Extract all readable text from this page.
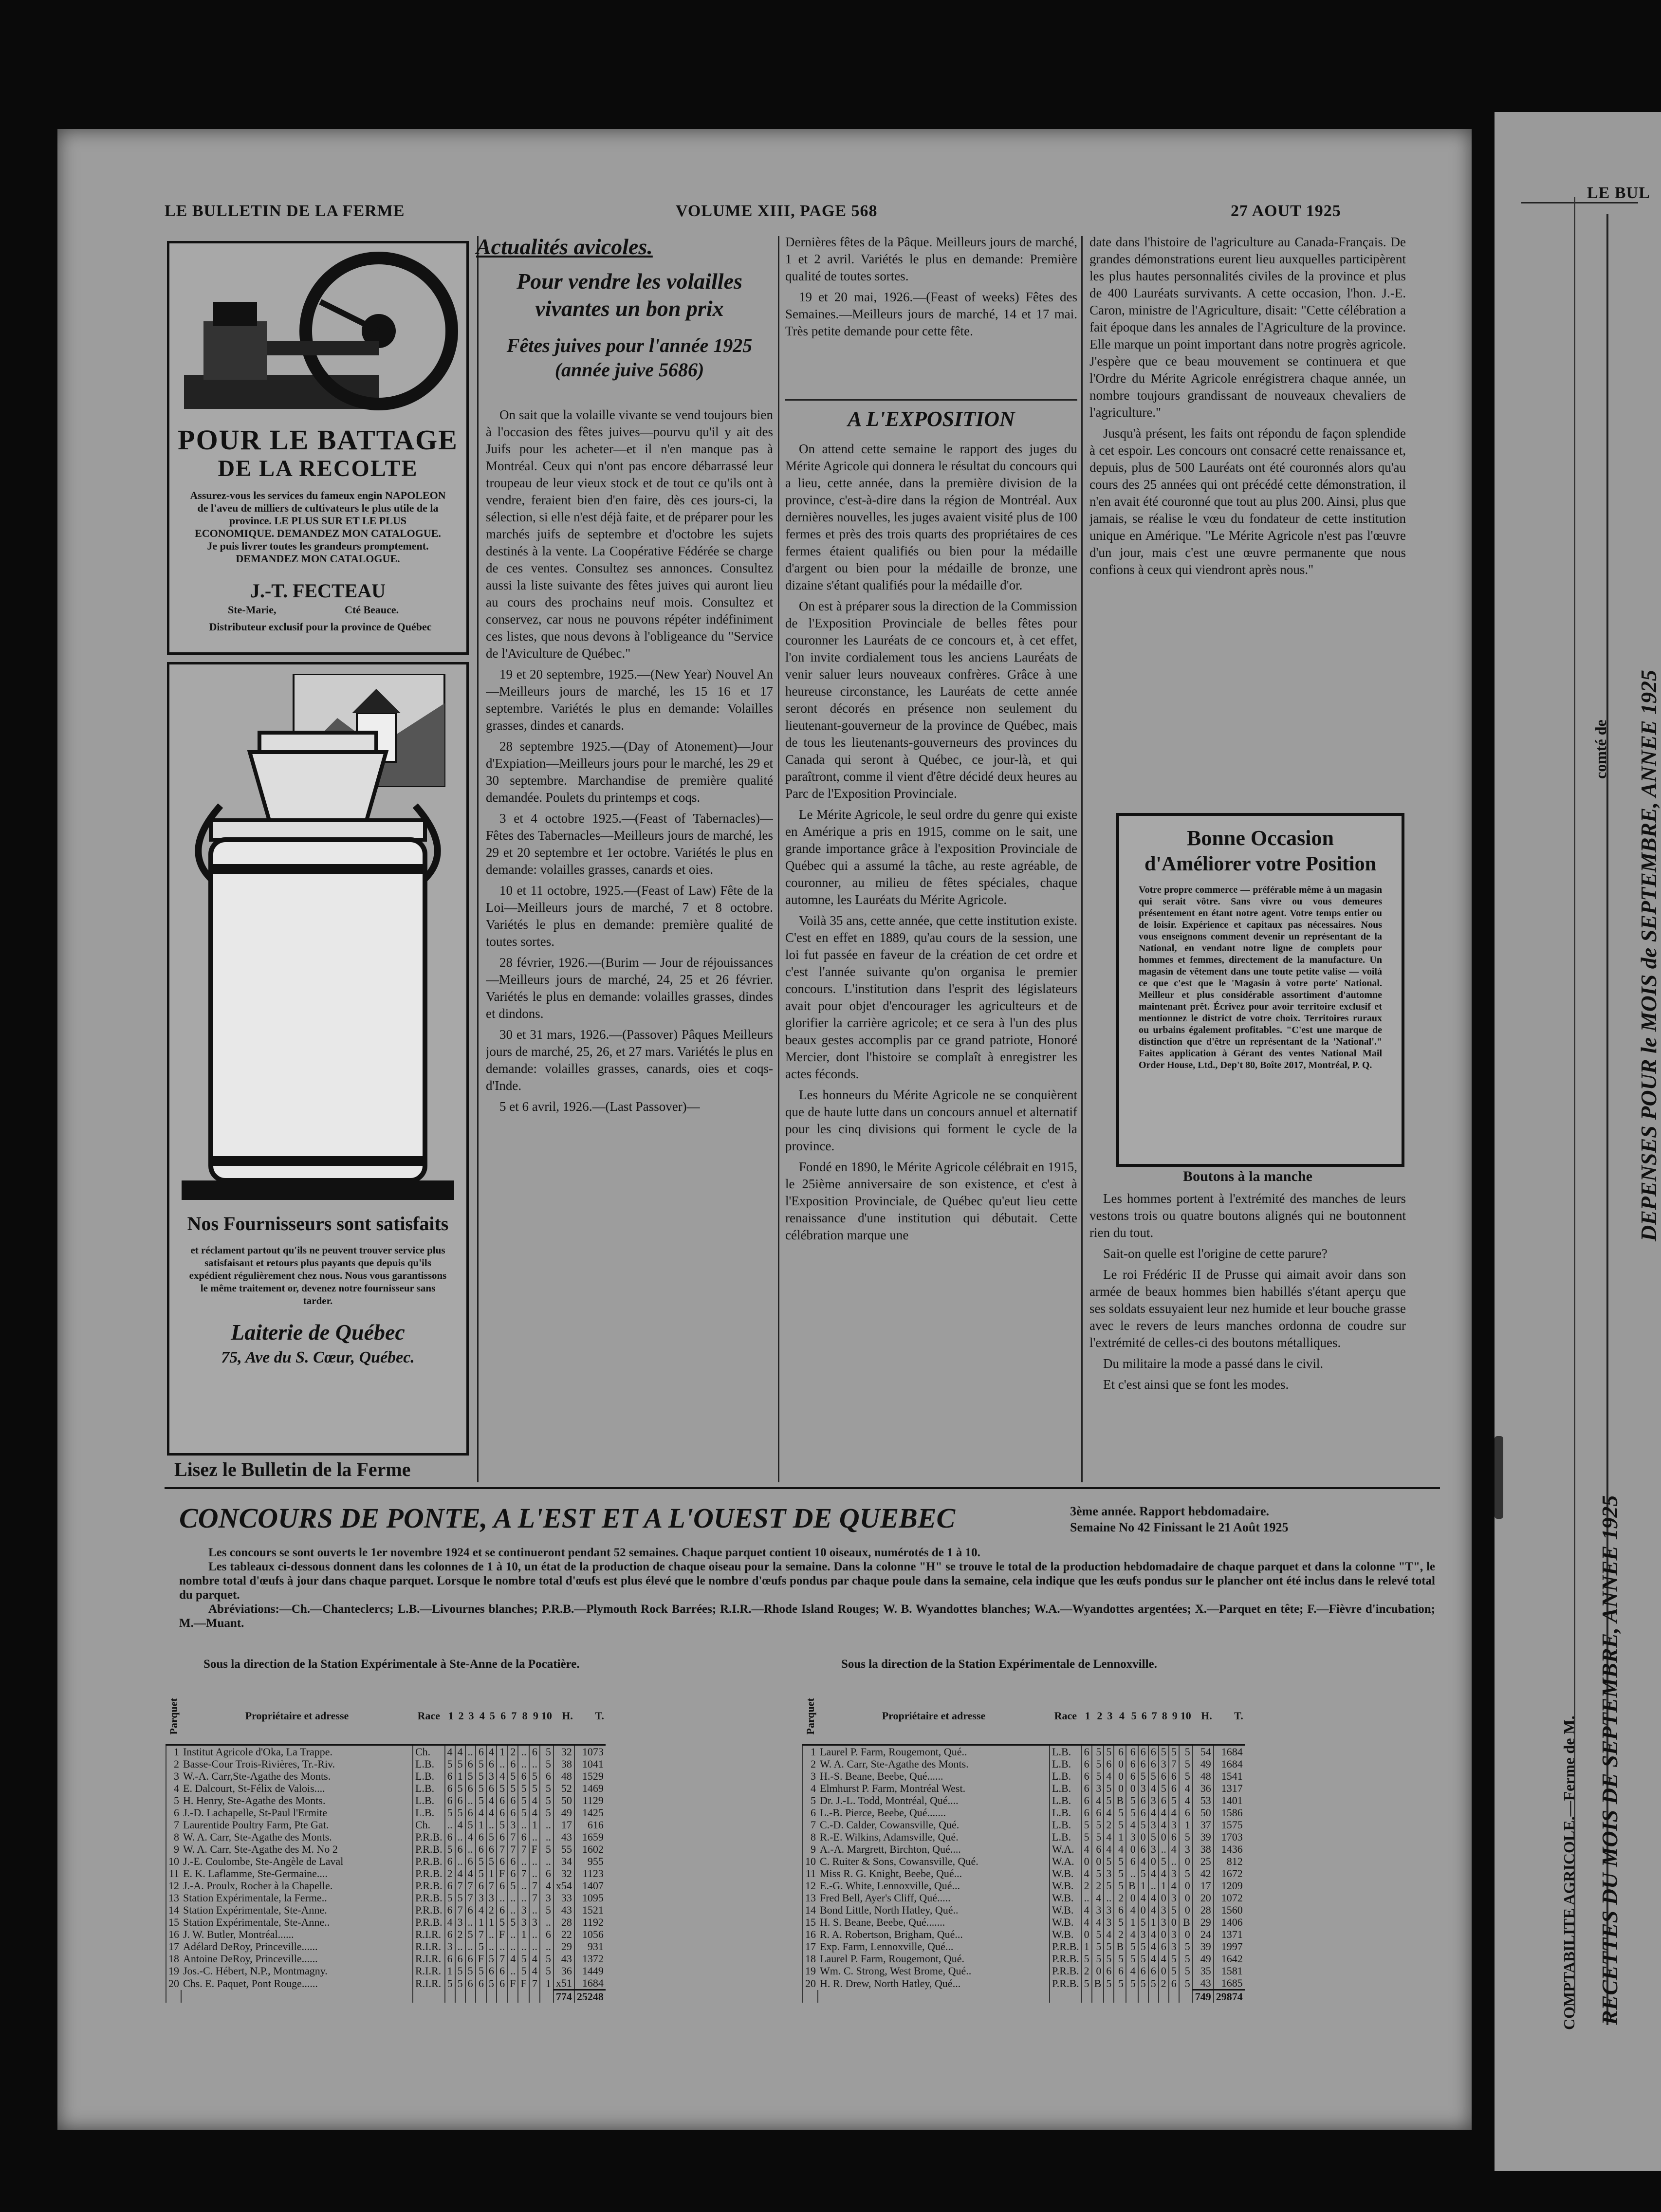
LE BUL
RECETTES DU MOIS DE SEPTEMBRE, ANNEE 1925
DEPENSES POUR le MOIS de SEPTEMBRE, ANNEE 1925
COMPTABILITE AGRICOLE.—Ferme de M.
comté de
LE BULLETIN DE LA FERME	VOLUME XIII, PAGE 568	27 AOUT 1925
POUR LE BATTAGE
DE LA RECOLTE
Assurez-vous les services du fameux engin NAPOLEON de l'aveu de milliers de cultivateurs le plus utile de la province. LE PLUS SUR ET LE PLUS ECONOMIQUE. DEMANDEZ MON CATALOGUE. Je puis livrer toutes les grandeurs promptement. DEMANDEZ MON CATALOGUE.
J.-T. FECTEAU
Ste-Marie,	Cté Beauce.
Distributeur exclusif pour la province de Québec
Nos Fournisseurs sont satisfaits
et réclament partout qu'ils ne peuvent trouver service plus satisfaisant et retours plus payants que depuis qu'ils expédient régulièrement chez nous. Nous vous garantissons le même traitement or, devenez notre fournisseur sans tarder.
Laiterie de Québec
75, Ave du S. Cœur, Québec.
Lisez le Bulletin de la Ferme
Actualités avicoles.
Pour vendre les volailles vivantes un bon prix
Fêtes juives pour l'année 1925 (année juive 5686)

On sait que la volaille vivante se vend toujours bien à l'occasion des fêtes juives—pourvu qu'il y ait des Juifs pour les acheter—et il n'en manque pas à Montréal. Ceux qui n'ont pas encore débarrassé leur troupeau de leur vieux stock et de tout ce qu'ils ont à vendre, feraient bien d'en faire, dès ces jours-ci, la sélection, si elle n'est déjà faite, et de préparer pour les marchés juifs de septembre et d'octobre les sujets destinés à la vente. La Coopérative Fédérée se charge de ces ventes. Consultez ses annonces. Consultez aussi la liste suivante des fêtes juives qui auront lieu au cours des prochains neuf mois. Consultez et conservez, car nous ne pouvons répéter indéfiniment ces listes, que nous devons à l'obligeance du "Service de l'Aviculture de Québec."

19 et 20 septembre, 1925.—(New Year) Nouvel An—Meilleurs jours de marché, les 15 16 et 17 septembre. Variétés le plus en demande: Volailles grasses, dindes et canards.

28 septembre 1925.—(Day of Atonement)—Jour d'Expiation—Meilleurs jours pour le marché, les 29 et 30 septembre. Marchandise de première qualité demandée. Poulets du printemps et coqs.

3 et 4 octobre 1925.—(Feast of Tabernacles)—Fêtes des Tabernacles—Meilleurs jours de marché, les 29 et 20 septembre et 1er octobre. Variétés le plus en demande: volailles grasses, canards et oies.

10 et 11 octobre, 1925.—(Feast of Law) Fête de la Loi—Meilleurs jours de marché, 7 et 8 octobre. Variétés le plus en demande: première qualité de toutes sortes.

28 février, 1926.—(Burim — Jour de réjouissances—Meilleurs jours de marché, 24, 25 et 26 février. Variétés le plus en demande: volailles grasses, dindes et dindons.

30 et 31 mars, 1926.—(Passover) Pâques Meilleurs jours de marché, 25, 26, et 27 mars. Variétés le plus en demande: volailles grasses, canards, oies et coqs-d'Inde.

5 et 6 avril, 1926.—(Last Passover)—

Dernières fêtes de la Pâque. Meilleurs jours de marché, 1 et 2 avril. Variétés le plus en demande: Première qualité de toutes sortes.

19 et 20 mai, 1926.—(Feast of weeks) Fêtes des Semaines.—Meilleurs jours de marché, 14 et 17 mai. Très petite demande pour cette fête.

A L'EXPOSITION

On attend cette semaine le rapport des juges du Mérite Agricole qui donnera le résultat du concours qui a lieu, cette année, dans la première division de la province, c'est-à-dire dans la région de Montréal. Aux dernières nouvelles, les juges avaient visité plus de 100 fermes et près des trois quarts des propriétaires de ces fermes étaient qualifiés ou bien pour la médaille d'argent ou bien pour la médaille de bronze, une dizaine s'étant qualifiés pour la médaille d'or.

On est à préparer sous la direction de la Commission de l'Exposition Provinciale de belles fêtes pour couronner les Lauréats de ce concours et, à cet effet, l'on invite cordialement tous les anciens Lauréats de venir saluer leurs nouveaux confrères. Grâce à une heureuse circonstance, les Lauréats de cette année seront décorés en présence non seulement du lieutenant-gouverneur de la province de Québec, mais de tous les lieutenants-gouverneurs des provinces du Canada qui seront à Québec, ce jour-là, et qui paraîtront, comme il vient d'être décidé deux heures au Parc de l'Exposition Provinciale.

Le Mérite Agricole, le seul ordre du genre qui existe en Amérique a pris en 1915, comme on le sait, une grande importance grâce à l'exposition Provinciale de Québec qui a assumé la tâche, au reste agréable, de couronner, au milieu de fêtes spéciales, chaque automne, les Lauréats du Mérite Agricole.

Voilà 35 ans, cette année, que cette institution existe. C'est en effet en 1889, qu'au cours de la session, une loi fut passée en faveur de la création de cet ordre et c'est l'année suivante qu'on organisa le premier concours. L'institution dans l'esprit des législateurs avait pour objet d'encourager les agriculteurs et de glorifier la carrière agricole; et ce sera à l'un des plus beaux gestes accomplis par ce grand patriote, Honoré Mercier, dont l'histoire se complaît à enregistrer les actes féconds.

Les honneurs du Mérite Agricole ne se conquièrent que de haute lutte dans un concours annuel et alternatif pour les cinq divisions qui forment le cycle de la province.

Fondé en 1890, le Mérite Agricole célébrait en 1915, le 25ième anniversaire de son existence, et c'est à l'Exposition Provinciale, de Québec qu'eut lieu cette renaissance d'une institution qui débutait. Cette célébration marque une

date dans l'histoire de l'agriculture au Canada-Français. De grandes démonstrations eurent lieu auxquelles participèrent les plus hautes personnalités civiles de la province et plus de 400 Lauréats survivants. A cette occasion, l'hon. J.-E. Caron, ministre de l'Agriculture, disait: "Cette célébration a fait époque dans les annales de l'Agriculture de la province. Elle marque un point important dans notre progrès agricole. J'espère que ce beau mouvement se continuera et que l'Ordre du Mérite Agricole enrégistrera chaque année, un nombre toujours grandissant de nouveaux chevaliers de l'agriculture."

Jusqu'à présent, les faits ont répondu de façon splendide à cet espoir. Les concours ont consacré cette renaissance et, depuis, plus de 500 Lauréats ont été couronnés alors qu'au cours des 25 années qui ont précédé cette démonstration, il n'en avait été couronné que tout au plus 200. Ainsi, plus que jamais, se réalise le vœu du fondateur de cette institution unique en Amérique. "Le Mérite Agricole n'est pas l'œuvre d'un jour, mais c'est une œuvre permanente que nous confions à ceux qui viendront après nous."

Bonne Occasion
d'Améliorer votre Position
Votre propre commerce — préférable même à un magasin qui serait vôtre. Sans vivre ou vous demeures présentement en étant notre agent. Votre temps entier ou de loisir. Expérience et capitaux pas nécessaires. Nous vous enseignons comment devenir un représentant de la National, en vendant notre ligne de complets pour hommes et femmes, directement de la manufacture. Un magasin de vêtement dans une toute petite valise — voilà ce que c'est que le 'Magasin à votre porte' National. Meilleur et plus considérable assortiment d'automne maintenant prêt. Écrivez pour avoir territoire exclusif et mentionnez le district de votre choix. Territoires ruraux ou urbains également profitables. "C'est une marque de distinction que d'être un représentant de la 'National'." Faites application à Gérant des ventes National Mail Order House, Ltd., Dep't 80, Boîte 2017, Montréal, P. Q.
Boutons à la manche

Les hommes portent à l'extrémité des manches de leurs vestons trois ou quatre boutons alignés qui ne boutonnent rien du tout.

Sait-on quelle est l'origine de cette parure?

Le roi Frédéric II de Prusse qui aimait avoir dans son armée de beaux hommes bien habillés s'étant aperçu que ses soldats essuyaient leur nez humide et leur bouche grasse avec le revers de leurs manches ordonna de coudre sur l'extrémité de celles-ci des boutons métalliques.

Du militaire la mode a passé dans le civil.

Et c'est ainsi que se font les modes.

CONCOURS DE PONTE, A L'EST ET A L'OUEST DE QUEBEC	3ème année. Rapport hebdomadaire.
Semaine No 42 Finissant le 21 Août 1925
Les concours se sont ouverts le 1er novembre 1924 et se continueront pendant 52 semaines. Chaque parquet contient 10 oiseaux, numérotés de 1 à 10.
Les tableaux ci-dessous donnent dans les colonnes de 1 à 10, un état de la production de chaque oiseau pour la semaine. Dans la colonne "H" se trouve le total de la production hebdomadaire de chaque parquet et dans la colonne "T", le nombre total d'œufs à jour dans chaque parquet. Lorsque le nombre total d'œufs est plus élevé que le nombre d'œufs pondus par chaque poule dans la semaine, cela indique que les œufs pondus sur le plancher ont été inclus dans le relevé total du parquet.
Abréviations:—Ch.—Chanteclercs; L.B.—Livournes blanches; P.R.B.—Plymouth Rock Barrées; R.I.R.—Rhode Island Rouges; W. B. Wyandottes blanches; W.A.—Wyandottes argentées; X.—Parquet en tête; F.—Fièvre d'incubation; M.—Muant.
Sous la direction de la Station Expérimentale à Ste-Anne de la Pocatière.	Sous la direction de la Station Expérimentale de Lennoxville.
Parquet	Propriétaire et adresse	Race	1	2	3	4	5	6	7	8	9	10	H.	T.
1	Institut Agricole d'Oka, La Trappe.	Ch.	4	4	..	6	4	1	2	..	6	5	32	1073
2	Basse-Cour Trois-Rivières, Tr.-Riv.	L.B.	5	5	6	5	6	..	6	..	..	5	38	1041
3	W.-A. Carr,Ste-Agathe des Monts.	L.B.	6	1	5	5	3	4	5	6	5	6	48	1529
4	E. Dalcourt, St-Félix de Valois....	L.B.	6	5	6	5	6	5	5	5	5	5	52	1469
5	H. Henry, Ste-Agathe des Monts.	L.B.	6	6	..	5	4	6	6	5	4	5	50	1129
6	J.-D. Lachapelle, St-Paul l'Ermite	L.B.	5	5	6	4	4	6	6	5	4	5	49	1425
7	Laurentide Poultry Farm, Pte Gat.	Ch.	..	4	5	1	..	5	3	..	1	..	17	616
8	W. A. Carr, Ste-Agathe des Monts.	P.R.B.	6	..	4	6	5	6	7	6	..	..	43	1659
9	W. A. Carr, Ste-Agathe des M. No 2	P.R.B.	5	6	..	6	6	7	7	7	F	5	55	1602
10	J.-E. Coulombe, Ste-Angèle de Laval	P.R.B.	6	..	6	5	5	6	6	..	..	..	34	955
11	E. K. Laflamme, Ste-Germaine....	P.R.B.	2	4	4	5	1	F	6	7	..	6	32	1123
12	J.-A. Proulx, Rocher à la Chapelle.	P.R.B.	6	7	7	6	7	6	5	..	7	4	x54	1407
13	Station Expérimentale, la Ferme..	P.R.B.	5	5	7	3	3	..	..	..	7	3	33	1095
14	Station Expérimentale, Ste-Anne.	P.R.B.	6	7	6	4	2	6	..	3	..	5	43	1521
15	Station Expérimentale, Ste-Anne..	P.R.B.	4	3	..	1	1	5	5	3	3	..	28	1192
16	J. W. Butler, Montréal......	R.I.R.	6	2	5	7	..	F	..	1	..	6	22	1056
17	Adélard DeRoy, Princeville......	R.I.R.	3	..	..	5	..	..	..	..	..	..	29	931
18	Antoine DeRoy, Princeville......	R.I.R.	6	6	6	F	5	7	4	5	4	5	43	1372
19	Jos.-C. Hébert, N.P., Montmagny.	R.I.R.	1	5	5	5	6	6	..	5	4	5	36	1449
20	Chs. E. Paquet, Pont Rouge......	R.I.R.	5	5	6	6	5	6	F	F	7	1	x51	1684
													774	25248
Parquet	Propriétaire et adresse	Race	1	2	3	4	5	6	7	8	9	10	H.	T.
1	Laurel P. Farm, Rougemont, Qué..	L.B.	6	5	5	6	6	6	6	5	5	5	54	1684
2	W. A. Carr, Ste-Agathe des Monts.	L.B.	6	5	6	0	6	6	6	3	7	5	49	1684
3	H.-S. Beane, Beebe, Qué......	L.B.	6	5	4	0	6	5	5	6	6	5	48	1541
4	Elmhurst P. Farm, Montréal West.	L.B.	6	3	5	0	0	3	4	5	6	4	36	1317
5	Dr. J.-L. Todd, Montréal, Qué....	L.B.	6	4	5	B	5	6	3	6	5	4	53	1401
6	L.-B. Pierce, Beebe, Qué.......	L.B.	6	6	4	5	5	6	4	4	4	6	50	1586
7	C.-D. Calder, Cowansville, Qué.	L.B.	5	5	2	5	4	5	3	4	3	1	37	1575
8	R.-E. Wilkins, Adamsville, Qué.	L.B.	5	5	4	1	3	0	5	0	6	5	39	1703
9	A.-A. Margrett, Birchton, Qué....	W.A.	4	6	4	4	0	6	3	..	4	3	38	1436
10	C. Ruiter & Sons, Cowansville, Qué.	W.A.	0	0	5	5	6	4	0	5	..	0	25	812
11	Miss R. G. Knight, Beebe, Qué...	W.B.	4	5	3	5	..	5	4	4	3	5	42	1672
12	E.-G. White, Lennoxville, Qué...	W.B.	2	2	5	5	B	1	..	1	4	0	17	1209
13	Fred Bell, Ayer's Cliff, Qué.....	W.B.	..	4	..	2	0	4	4	0	3	0	20	1072
14	Bond Little, North Hatley, Qué..	W.B.	4	3	3	6	4	0	4	3	5	0	28	1560
15	H. S. Beane, Beebe, Qué.......	W.B.	4	4	3	5	1	5	1	3	0	B	29	1406
16	R. A. Robertson, Brigham, Qué...	W.B.	0	5	4	2	4	3	4	0	3	0	24	1371
17	Exp. Farm, Lennoxville, Qué...	P.R.B.	1	5	5	B	5	5	4	6	3	5	39	1997
18	Laurel P. Farm, Rougemont, Qué.	P.R.B.	5	5	5	5	5	5	4	4	5	5	49	1642
19	Wm. C. Strong, West Brome, Qué..	P.R.B.	2	0	6	6	4	6	6	0	5	5	35	1581
20	H. R. Drew, North Hatley, Qué...	P.R.B.	5	B	5	5	5	5	5	2	6	5	43	1685
													749	29874
